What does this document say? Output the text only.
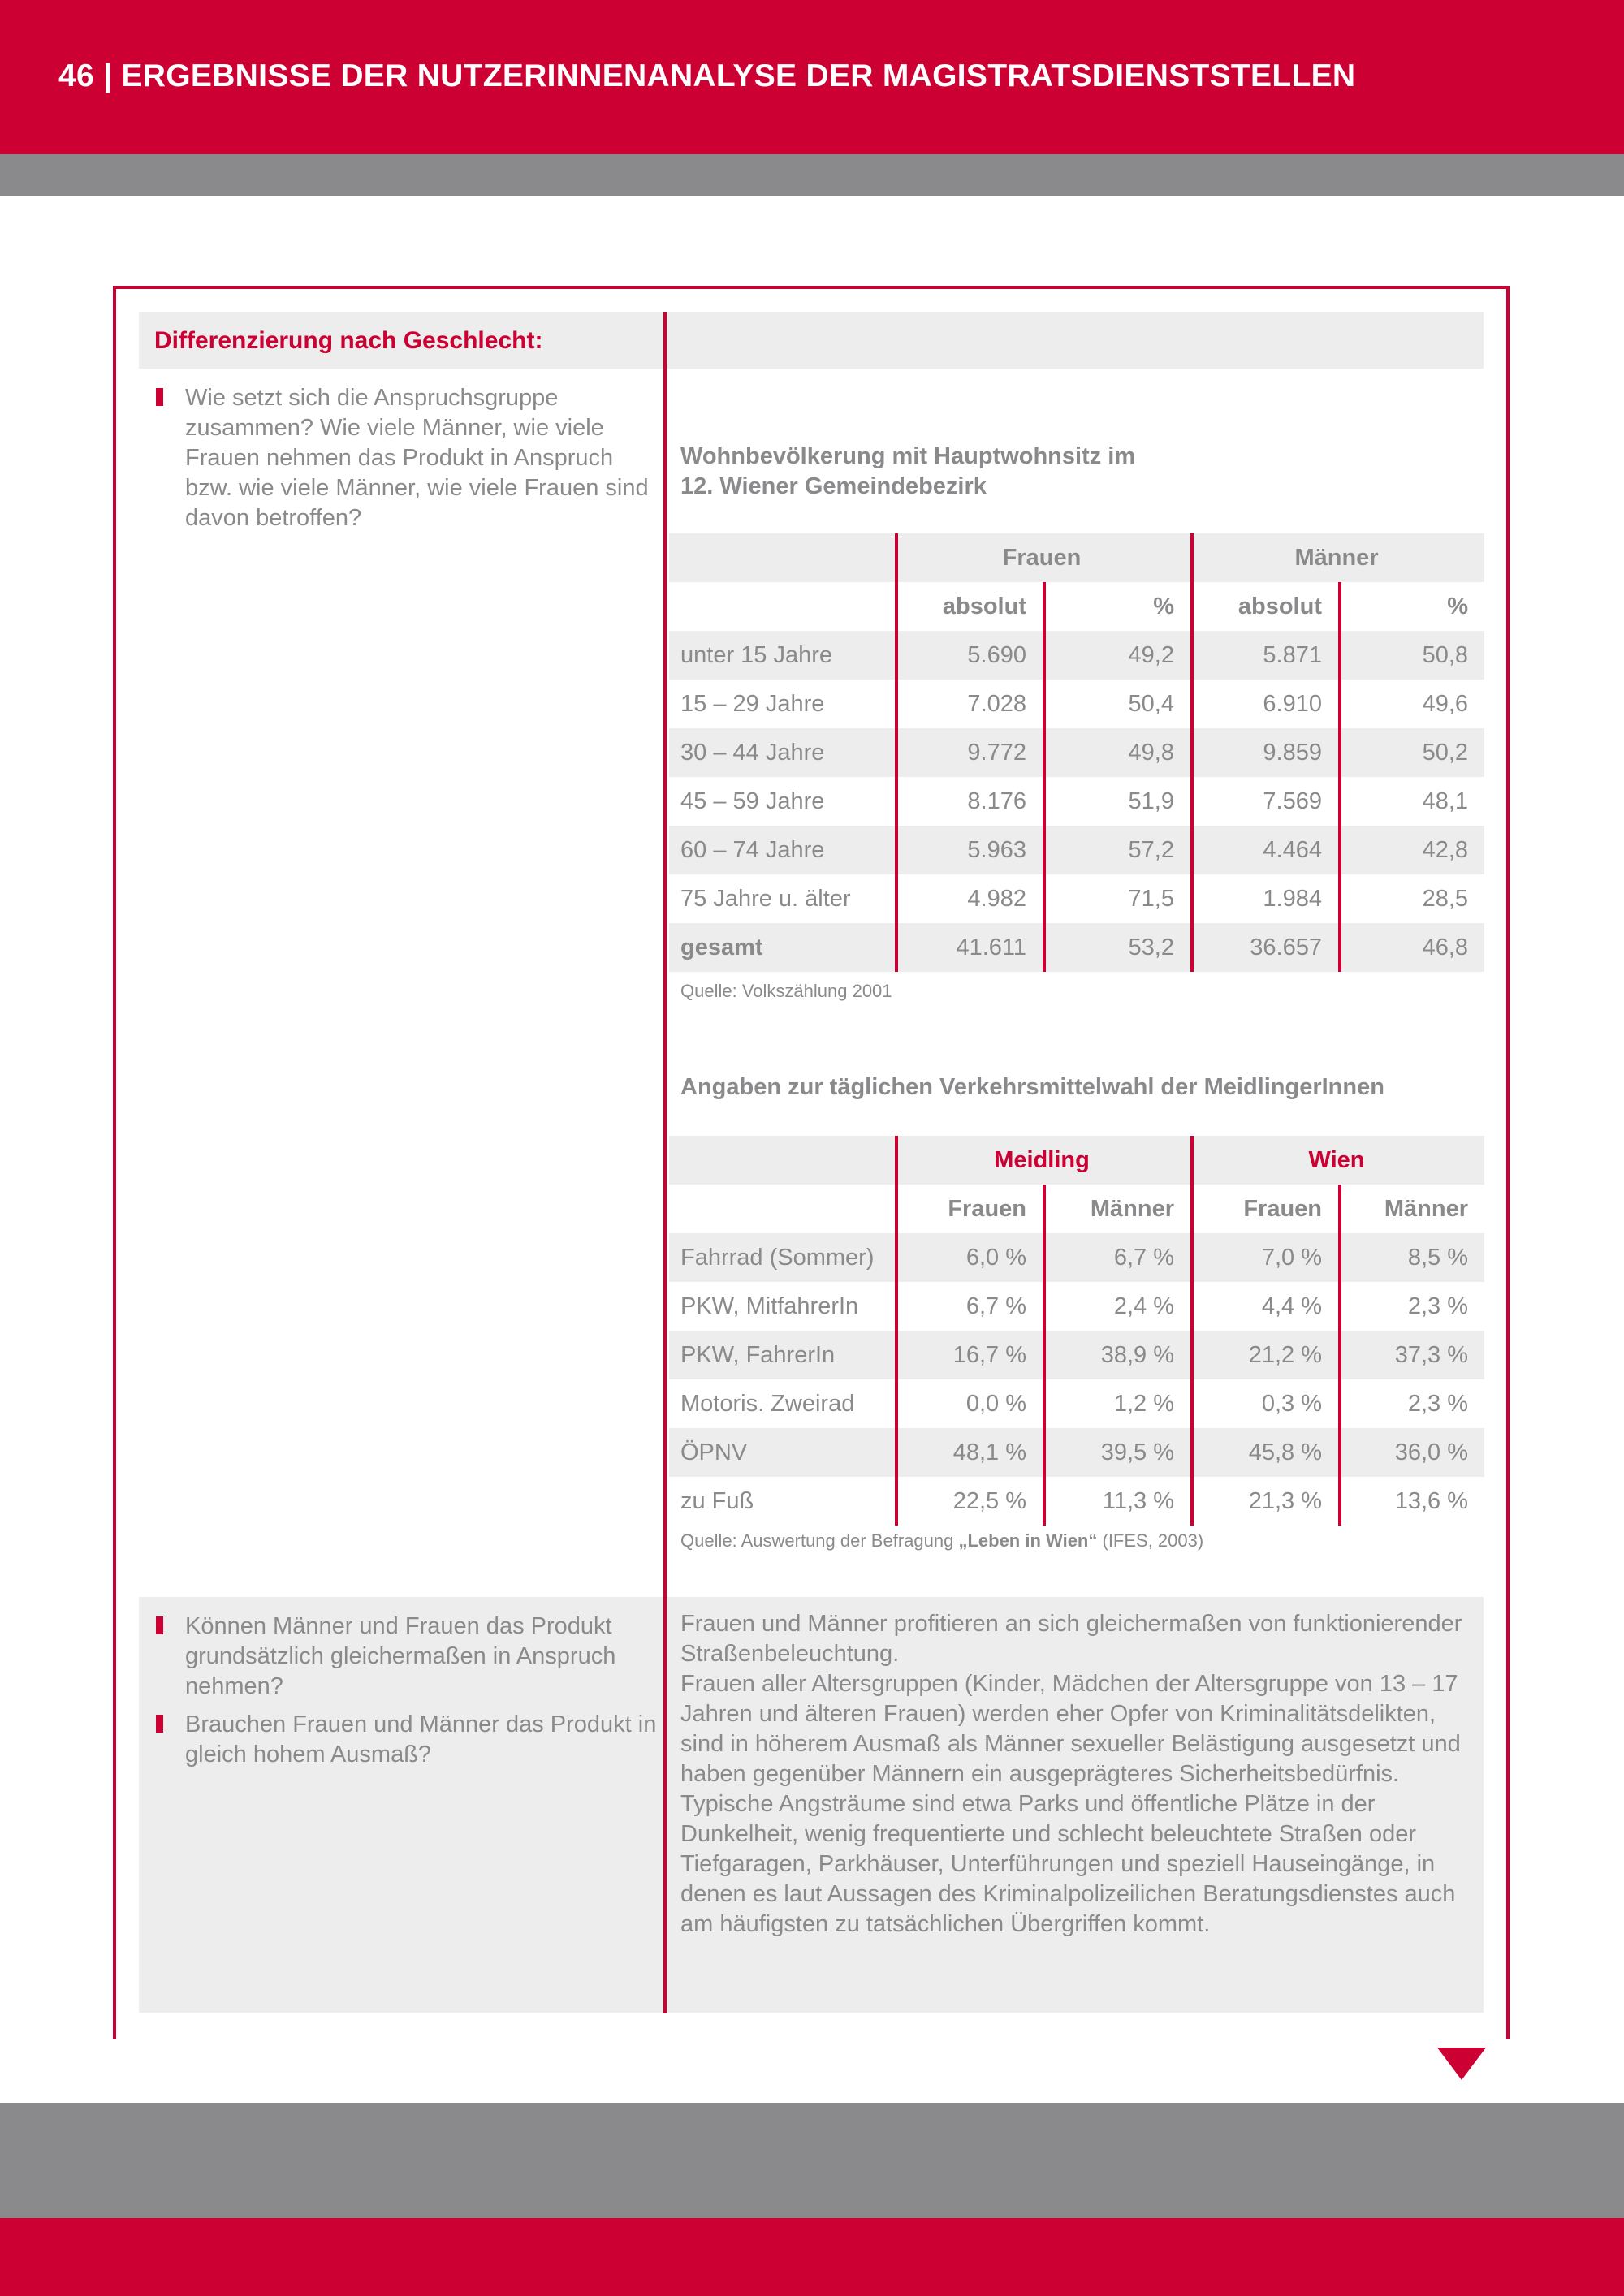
46 | ERGEBNISSE DER NUTZERINNENANALYSE DER MAGISTRATSDIENSTSTELLEN
Differenzierung nach Geschlecht:
Wie setzt sich die Anspruchsgruppe zusammen? Wie viele Männer, wie viele Frauen nehmen das Produkt in Anspruch bzw. wie viele Männer, wie viele Frauen sind davon betroffen?
Können Männer und Frauen das Produkt grundsätzlich gleichermaßen in Anspruch nehmen?
Brauchen Frauen und Männer das Produkt in gleich hohem Ausmaß?
Wohnbevölkerung mit Hauptwohnsitz im
12. Wiener Gemeindebezirk
	Frauen		Männer	
	absolut	%	absolut	%
unter 15 Jahre	5.690	49,2	5.871	50,8
15 – 29 Jahre	7.028	50,4	6.910	49,6
30 – 44 Jahre	9.772	49,8	9.859	50,2
45 – 59 Jahre	8.176	51,9	7.569	48,1
60 – 74 Jahre	5.963	57,2	4.464	42,8
75 Jahre u. älter	4.982	71,5	1.984	28,5
gesamt	41.611	53,2	36.657	46,8
Quelle: Volkszählung 2001
Angaben zur täglichen Verkehrsmittelwahl der MeidlingerInnen
	Meidling		Wien	
	Frauen	Männer	Frauen	Männer
Fahrrad (Sommer)	6,0 %	6,7 %	7,0 %	8,5 %
PKW, MitfahrerIn	6,7 %	2,4 %	4,4 %	2,3 %
PKW, FahrerIn	16,7 %	38,9 %	21,2 %	37,3 %
Motoris. Zweirad	0,0 %	1,2 %	0,3 %	2,3 %
ÖPNV	48,1 %	39,5 %	45,8 %	36,0 %
zu Fuß	22,5 %	11,3 %	21,3 %	13,6 %
Quelle: Auswertung der Befragung „Leben in Wien“ (IFES, 2003)

Frauen und Männer profitieren an sich gleichermaßen von funktionierender Straßenbeleuchtung.

Frauen aller Altersgruppen (Kinder, Mädchen der Altersgruppe von 13 – 17 Jahren und älteren Frauen) werden eher Opfer von Kriminalitätsdelikten, sind in höherem Ausmaß als Männer sexueller Belästigung ausgesetzt und haben gegenüber Männern ein ausgeprägteres Sicherheitsbedürfnis.

Typische Angsträume sind etwa Parks und öffentliche Plätze in der Dunkelheit, wenig frequentierte und schlecht beleuchtete Straßen oder Tiefgaragen, Parkhäuser, Unterführungen und speziell Hauseingänge, in denen es laut Aussagen des Kriminalpolizeilichen Beratungsdienstes auch am häufigsten zu tatsächlichen Übergriffen kommt.
